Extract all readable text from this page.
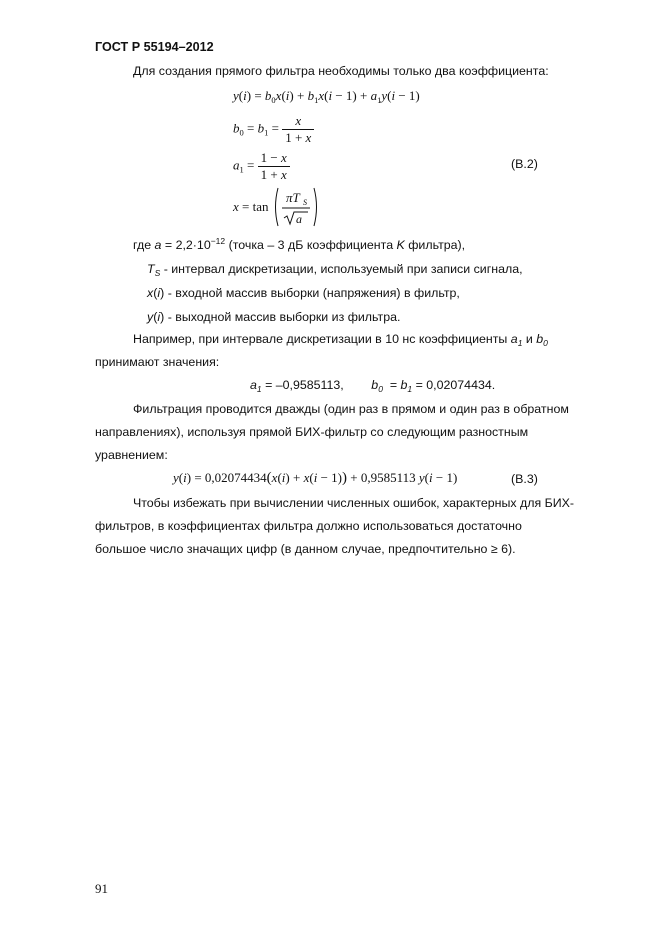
ГОСТ Р 55194–2012
Для создания прямого фильтра необходимы только два коэффициента:
$y(i) = b_0x(i) + b_1x(i - 1) + a_1y(i - 1)$
$b_0 = b_1 = \frac{x}{1 + x}$
$a_1 = \frac{1 - x}{1 + x}$	(B.2)
x = tan
πT S
a
где $a = 2,2\cdot 10^{-12}$ (точка – 3 дБ коэффициента K фильтра),
$T_S$ - интервал дискретизации, используемый при записи сигнала,
x(i) - входной массив выборки (напряжения) в фильтр,
y(i) - выходной массив выборки из фильтра.
Например, при интервале дискретизации в 10 нс коэффициенты $a_1$ и $b_0$
принимают значения:
$a_1 = -0,9585113$, $b_0 = b_1 = 0,02074434$.
Фильтрация проводится дважды (один раз в прямом и один раз в обратном
направлениях), используя прямой БИХ-фильтр со следующим разностным
уравнением:
y(i) = 0,02074434(x(i) + x(i − 1)) + 0,9585113 y(i − 1)	(B.3)
Чтобы избежать при вычислении численных ошибок, характерных для БИХ-
фильтров, в коэффициентах фильтра должно использоваться достаточно
большое число значащих цифр (в данном случае, предпочтительно ≥ 6).
91
